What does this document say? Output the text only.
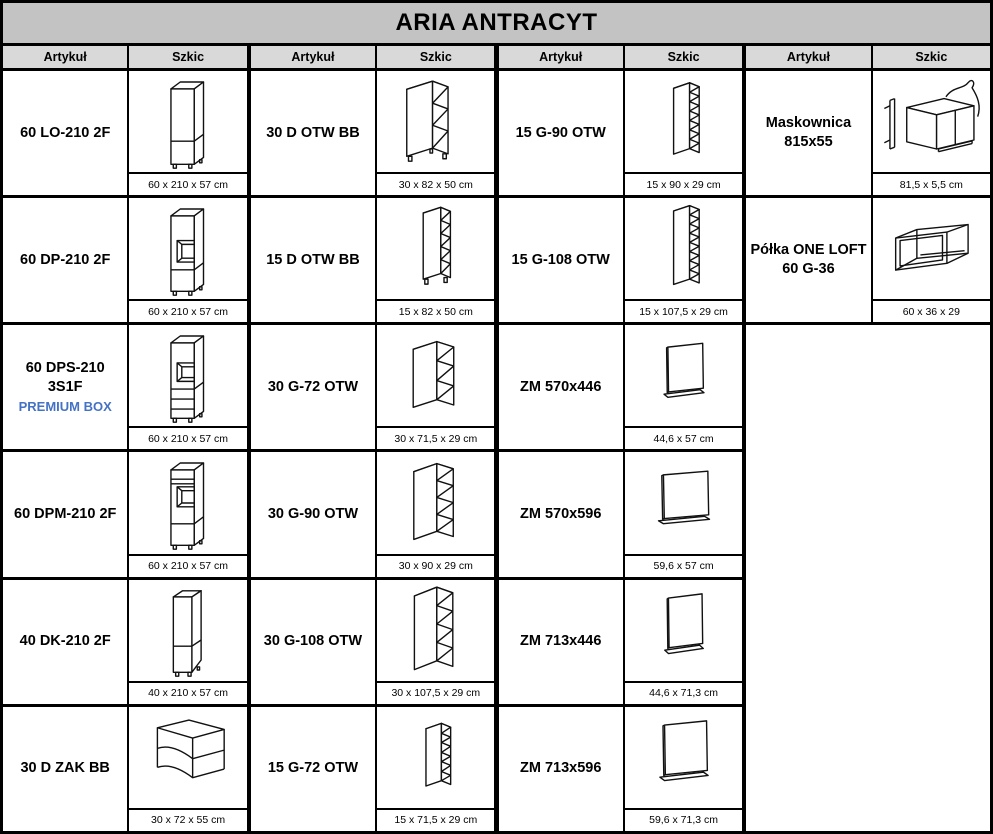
ARIA ANTRACYT
Artykuł	Szkic
60 LO-210 2F
60 x 210 x 57 cm
60 DP-210 2F
60 x 210 x 57 cm
60 DPS-210 3S1F
PREMIUM BOX
60 x 210 x 57 cm
60 DPM-210 2F
60 x 210 x 57 cm
40 DK-210 2F
40 x 210 x 57 cm
30 D ZAK BB
30 x 72 x 55 cm
Artykuł	Szkic
30 D OTW BB
30 x 82 x 50 cm
15 D OTW BB
15 x 82 x 50 cm
30 G-72 OTW
30 x 71,5 x 29 cm
30 G-90 OTW
30 x 90 x 29 cm
30 G-108 OTW
30 x 107,5 x 29 cm
15 G-72 OTW
15 x 71,5 x 29 cm
Artykuł	Szkic
15 G-90 OTW
15 x 90 x 29 cm
15 G-108 OTW
15 x 107,5 x 29 cm
ZM 570x446
44,6 x 57 cm
ZM 570x596
59,6 x 57 cm
ZM 713x446
44,6 x 71,3 cm
ZM 713x596
59,6 x 71,3 cm
Artykuł	Szkic
Maskownica 815x55
81,5 x 5,5 cm
Półka ONE LOFT 60 G-36
60 x 36 x 29
